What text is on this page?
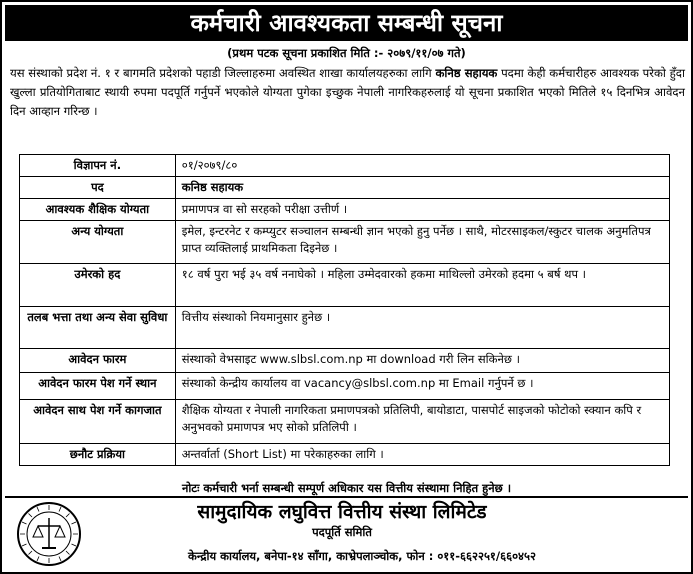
कर्मचारी आवश्यकता सम्बन्धी सूचना
(प्रथम पटक सूचना प्रकाशित मिति :- २०७९/११/०७ गते)

यस संस्थाको प्रदेश नं. १ र बागमति प्रदेशको पहाडी जिल्लाहरुमा अवस्थित शाखा कार्यालयहरुका लागि कनिष्ठ सहायक पदमा केही कर्मचारीहरु आवश्यक परेको हुँदा खुल्ला प्रतियोगिताबाट स्थायी रुपमा पदपूर्ति गर्नुपर्ने भएकोले योग्यता पुगेका इच्छुक नेपाली नागरिकहरुलाई यो सूचना प्रकाशित भएको मितिले १५ दिनभित्र आवेदन दिन आव्हान गरिन्छ ।

विज्ञापन नं.	०१/२०७९/८०
पद	कनिष्ठ सहायक
आवश्यक शैक्षिक योग्यता	प्रमाणपत्र वा सो सरहको परीक्षा उत्तीर्ण ।
अन्य योग्यता	इमेल, इन्टरनेट र कम्प्युटर सञ्चालन सम्बन्धी ज्ञान भएको हुनु पर्नेछ । साथै, मोटरसाइकल/स्कुटर चालक अनुमतिपत्र प्राप्त व्यक्तिलाई प्राथमिकता दिइनेछ ।
उमेरको हद	१८ वर्ष पुरा भई ३५ वर्ष ननाघेको । महिला उम्मेदवारको हकमा माथिल्लो उमेरको हदमा ५ बर्ष थप ।
तलब भत्ता तथा अन्य सेवा सुविधा	वित्तीय संस्थाको नियमानुसार हुनेछ ।
आवेदन फारम	संस्थाको वेभसाइट www.slbsl.com.np मा download गरी लिन सकिनेछ ।
आवेदन फारम पेश गर्ने स्थान	संस्थाको केन्द्रीय कार्यालय वा vacancy@slbsl.com.np मा Email गर्नुपर्ने छ ।
आवेदन साथ पेश गर्ने कागजात	शैक्षिक योग्यता र नेपाली नागरिकता प्रमाणपत्रको प्रतिलिपी, बायोडाटा, पासपोर्ट साइजको फोटोको स्क्यान कपि र अनुभवको प्रमाणपत्र भए सोको प्रतिलिपी ।
छनौट प्रक्रिया	अन्तर्वार्ता (Short List) मा परेकाहरुका लागि ।
नोटः कर्मचारी भर्ना सम्बन्धी सम्पूर्ण अधिकार यस वित्तीय संस्थामा निहित हुनेछ ।
सामुदायिक लघुवित्त वित्तीय संस्था लिमिटेड
पदपूर्ति समिति
केन्द्रीय कार्यालय, बनेपा-१४ साँगा, काभ्रेपलाञ्चोक, फोन : ०११-६६२२५१/६६०४५२
